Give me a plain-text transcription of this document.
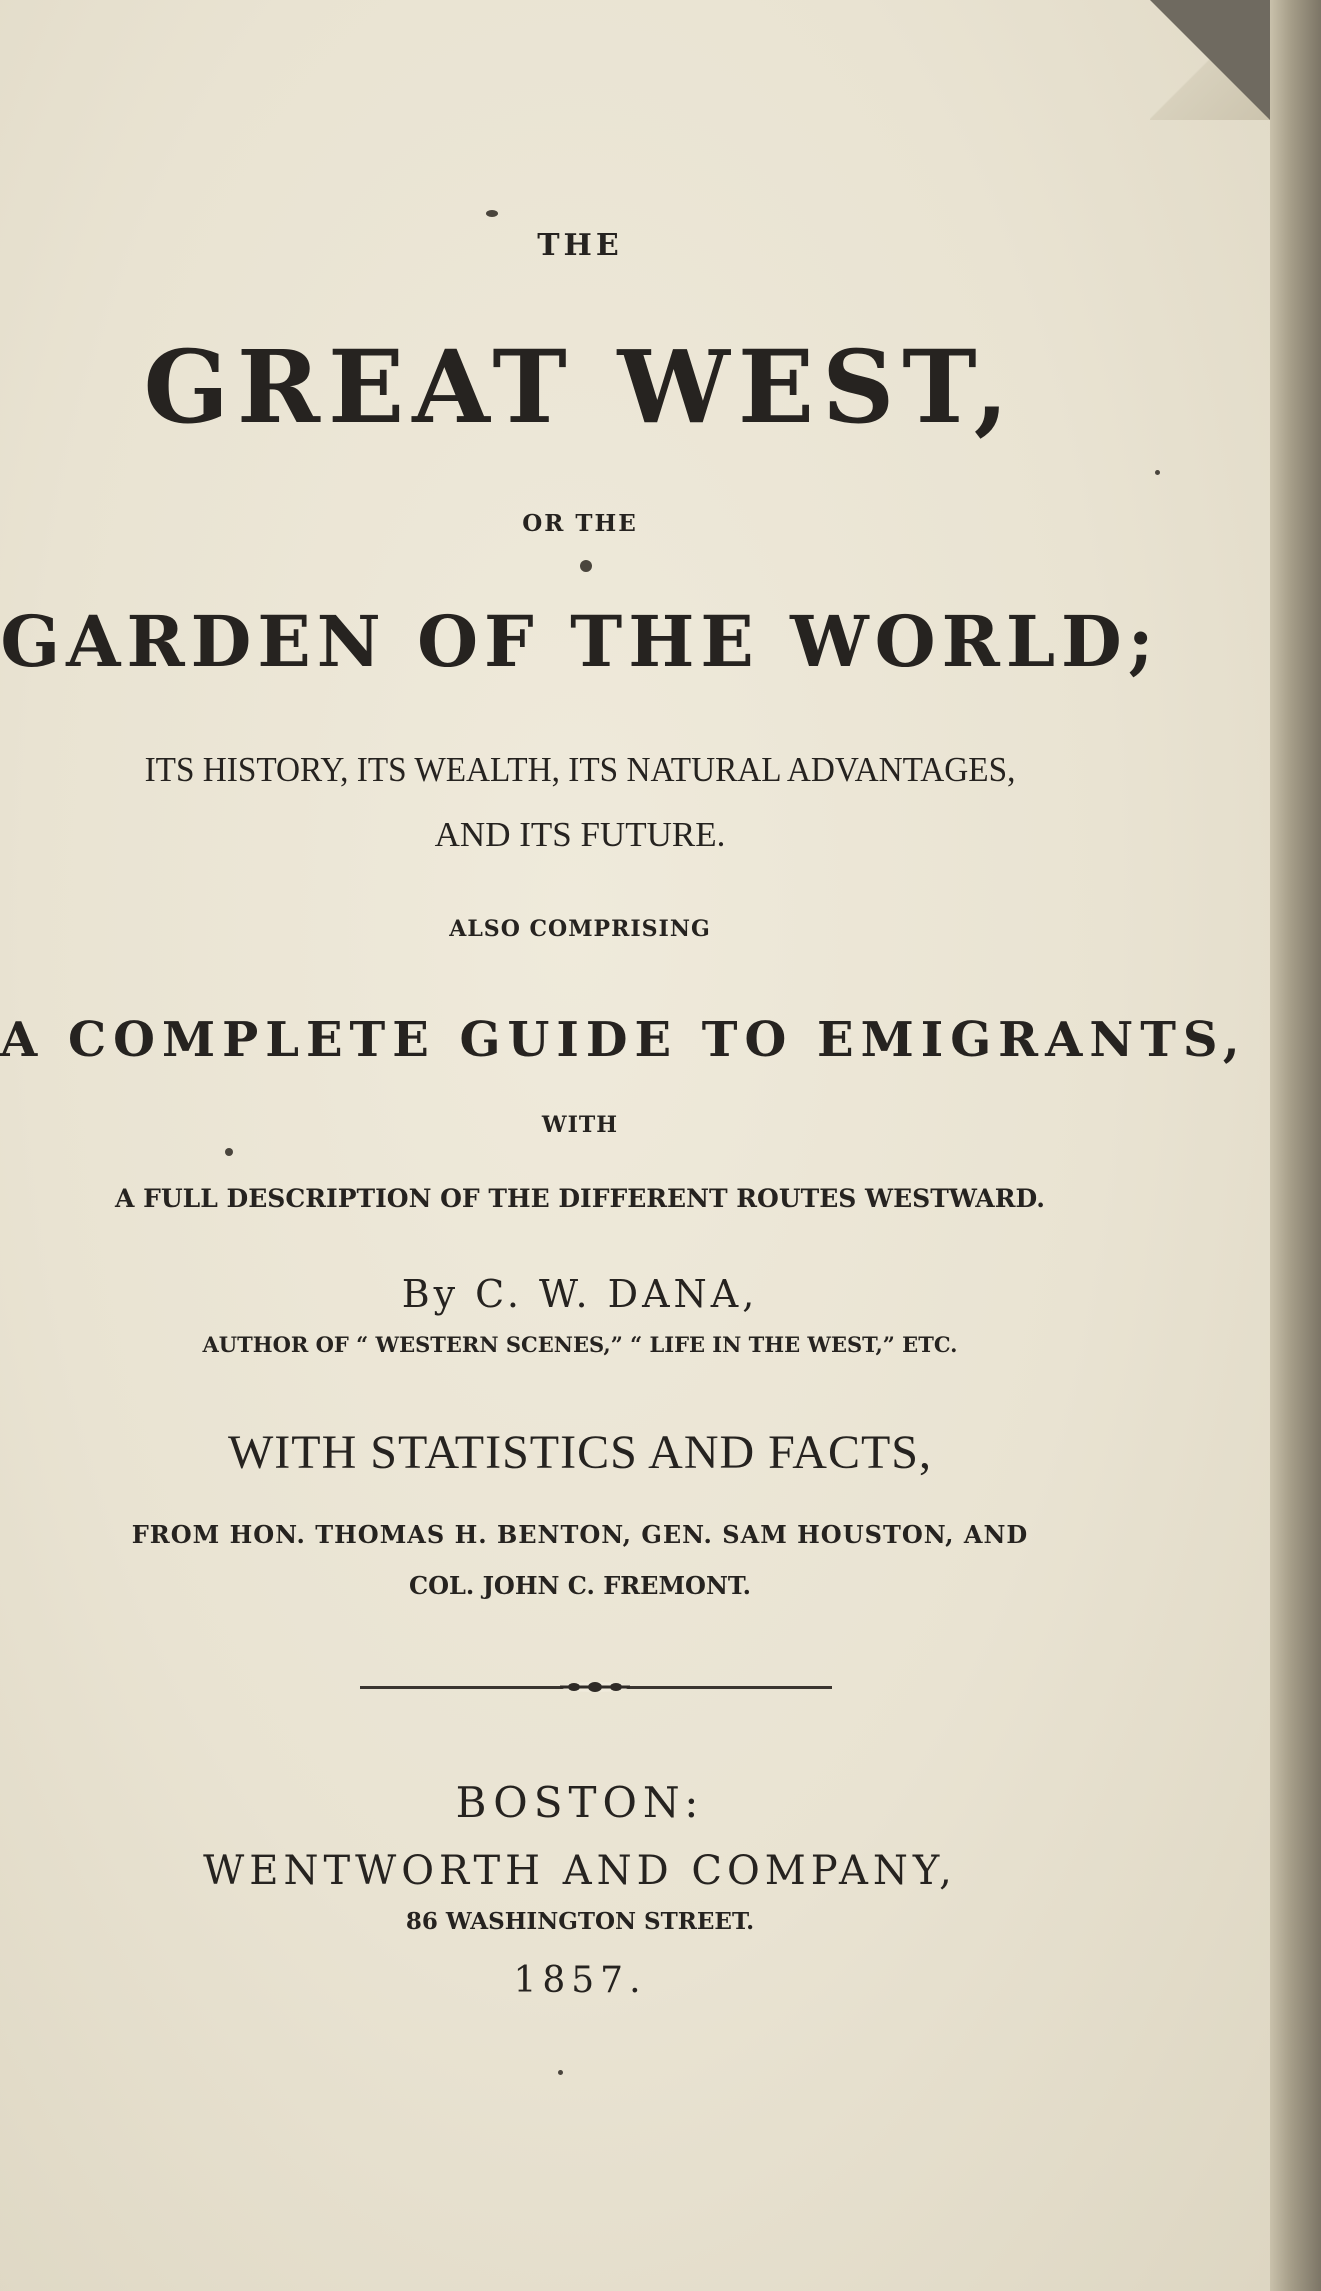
THE
GREAT WEST,
OR THE
GARDEN OF THE WORLD;
ITS HISTORY, ITS WEALTH, ITS NATURAL ADVANTAGES,
AND ITS FUTURE.
ALSO COMPRISING
A COMPLETE GUIDE TO EMIGRANTS,
WITH
A FULL DESCRIPTION OF THE DIFFERENT ROUTES WESTWARD.
By C. W. DANA,
AUTHOR OF “ WESTERN SCENES,” “ LIFE IN THE WEST,” ETC.
WITH STATISTICS AND FACTS,
FROM HON. THOMAS H. BENTON, GEN. SAM HOUSTON, AND
COL. JOHN C. FREMONT.
BOSTON:
WENTWORTH AND COMPANY,
86 WASHINGTON STREET.
1857.
